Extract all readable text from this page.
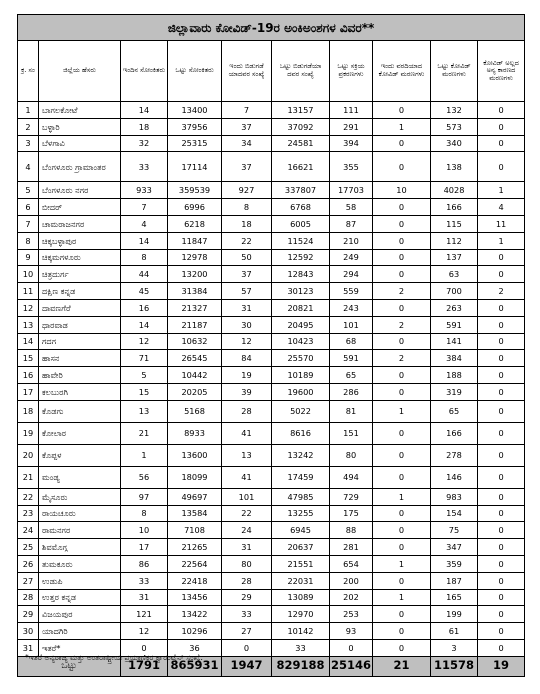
ಜಿಲ್ಲಾವಾರು ಕೋವಿಡ್-19ರ ಅಂಕಿಅಂಶಗಳ ವಿವರ**									
ಕ್ರ. ಸಂ	ಜಿಲ್ಲೆಯ ಹೆಸರು	ಇಂದಿನ ಸೋಂಕಿತರು	ಒಟ್ಟು ಸೋಂಕಿತರು	ಇಂದು ಬಿಡುಗಡೆ ಯಾದವರ ಸಂಖ್ಯೆ	ಒಟ್ಟು ಬಿಡುಗಡೆಯಾ ದವರ ಸಂಖ್ಯೆ	ಒಟ್ಟು ಸಕ್ರಿಯ ಪ್ರಕರಣಗಳು	ಇಂದು ವರದಿಯಾದ ಕೋವಿಡ್ ಮರಣಗಳು	ಒಟ್ಟು ಕೋವಿಡ್ ಮರಣಗಳು	ಕೋವಿಡ್ ಅಲ್ಲದ ಅನ್ಯ ಕಾರಣದ ಮರಣಗಳು
1	ಬಾಗಲಕೋಟೆ	14	13400	7	13157	111	0	132	0
2	ಬಳ್ಳಾರಿ	18	37956	37	37092	291	1	573	0
3	ಬೆಳಗಾವಿ	32	25315	34	24581	394	0	340	0
4	ಬೆಂಗಳೂರು ಗ್ರಾಮಾಂತರ	33	17114	37	16621	355	0	138	0
5	ಬೆಂಗಳೂರು ನಗರ	933	359539	927	337807	17703	10	4028	1
6	ಬೀದರ್	7	6996	8	6768	58	0	166	4
7	ಚಾಮರಾಜನಗರ	4	6218	18	6005	87	0	115	11
8	ಚಿಕ್ಕಬಳ್ಳಾಪುರ	14	11847	22	11524	210	0	112	1
9	ಚಿಕ್ಕಮಗಳೂರು	8	12978	50	12592	249	0	137	0
10	ಚಿತ್ರದುರ್ಗ	44	13200	37	12843	294	0	63	0
11	ದಕ್ಷಿಣ ಕನ್ನಡ	45	31384	57	30123	559	2	700	2
12	ದಾವಣಗೆರೆ	16	21327	31	20821	243	0	263	0
13	ಧಾರವಾಡ	14	21187	30	20495	101	2	591	0
14	ಗದಗ	12	10632	12	10423	68	0	141	0
15	ಹಾಸನ	71	26545	84	25570	591	2	384	0
16	ಹಾವೇರಿ	5	10442	19	10189	65	0	188	0
17	ಕಲಬುರಗಿ	15	20205	39	19600	286	0	319	0
18	ಕೊಡಗು	13	5168	28	5022	81	1	65	0
19	ಕೋಲಾರ	21	8933	41	8616	151	0	166	0
20	ಕೊಪ್ಪಳ	1	13600	13	13242	80	0	278	0
21	ಮಂಡ್ಯ	56	18099	41	17459	494	0	146	0
22	ಮೈಸೂರು	97	49697	101	47985	729	1	983	0
23	ರಾಯಚೂರು	8	13584	22	13255	175	0	154	0
24	ರಾಮನಗರ	10	7108	24	6945	88	0	75	0
25	ಶಿವಮೊಗ್ಗ	17	21265	31	20637	281	0	347	0
26	ತುಮಕೂರು	86	22564	80	21551	654	1	359	0
27	ಉಡುಪಿ	33	22418	28	22031	200	0	187	0
28	ಉತ್ತರ ಕನ್ನಡ	31	13456	29	13089	202	1	165	0
29	ವಿಜಯಪುರ	121	13422	33	12970	253	0	199	0
30	ಯಾದಗಿರಿ	12	10296	27	10142	93	0	61	0
31	ಇತರೆ*	0	36	0	33	0	0	3	0
ಒಟ್ಟು		1791	865931	1947	829188	25146	21	11578	19
*ಇತರೆ ಅನ್ಯರಾಜ್ಯ ಮತ್ತು ಅಂತರಾಷ್ಟ್ರೀಯ ಪ್ರಯಾಣಿಕರ ಕ್ವಾರಂಟೈನ್ ಸಂಖ್ಯೆ.
